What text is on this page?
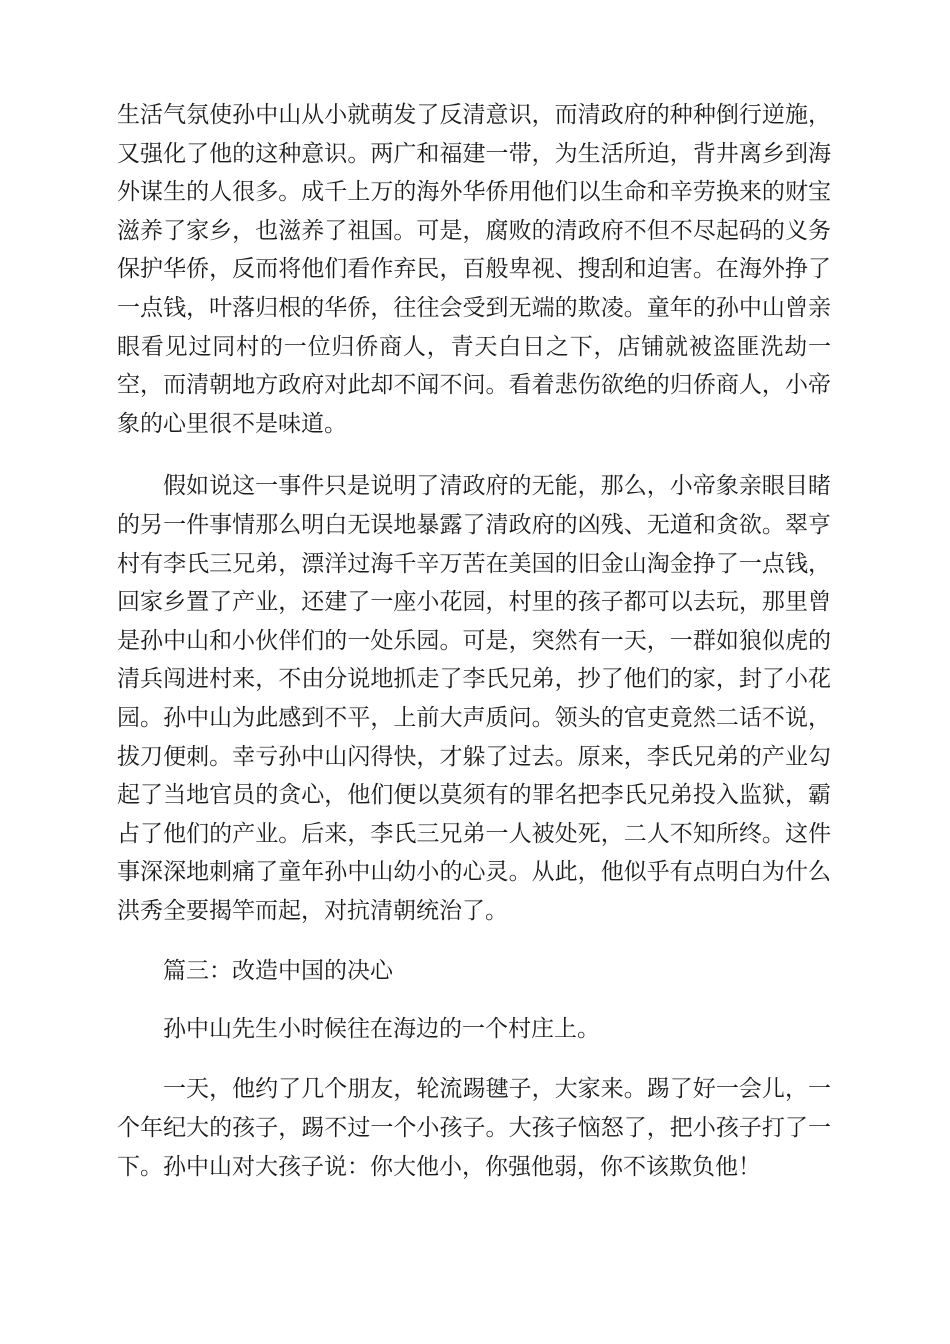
生活气氛使孙中山从小就萌发了反清意识，而清政府的种种倒行逆施，又强化了他的这种意识。两广和福建一带，为生活所迫，背井离乡到海外谋生的人很多。成千上万的海外华侨用他们以生命和辛劳换来的财宝滋养了家乡，也滋养了祖国。可是，腐败的清政府不但不尽起码的义务保护华侨，反而将他们看作弃民，百般卑视、搜刮和迫害。在海外挣了一点钱，叶落归根的华侨，往往会受到无端的欺凌。童年的孙中山曾亲眼看见过同村的一位归侨商人，青天白日之下，店铺就被盗匪洗劫一空，而清朝地方政府对此却不闻不问。看着悲伤欲绝的归侨商人，小帝象的心里很不是味道。

假如说这一事件只是说明了清政府的无能，那么，小帝象亲眼目睹的另一件事情那么明白无误地暴露了清政府的凶残、无道和贪欲。翠亨村有李氏三兄弟，漂洋过海千辛万苦在美国的旧金山淘金挣了一点钱，回家乡置了产业，还建了一座小花园，村里的孩子都可以去玩，那里曾是孙中山和小伙伴们的一处乐园。可是，突然有一天，一群如狼似虎的清兵闯进村来，不由分说地抓走了李氏兄弟，抄了他们的家，封了小花园。孙中山为此感到不平，上前大声质问。领头的官吏竟然二话不说，拔刀便刺。幸亏孙中山闪得快，才躲了过去。原来，李氏兄弟的产业勾起了当地官员的贪心，他们便以莫须有的罪名把李氏兄弟投入监狱，霸占了他们的产业。后来，李氏三兄弟一人被处死，二人不知所终。这件事深深地刺痛了童年孙中山幼小的心灵。从此，他似乎有点明白为什么洪秀全要揭竿而起，对抗清朝统治了。

篇三：改造中国的决心

孙中山先生小时候往在海边的一个村庄上。

一天，他约了几个朋友，轮流踢毽子，大家来。踢了好一会儿，一个年纪大的孩子，踢不过一个小孩子。大孩子恼怒了，把小孩子打了一下。孙中山对大孩子说：你大他小，你强他弱，你不该欺负他！
